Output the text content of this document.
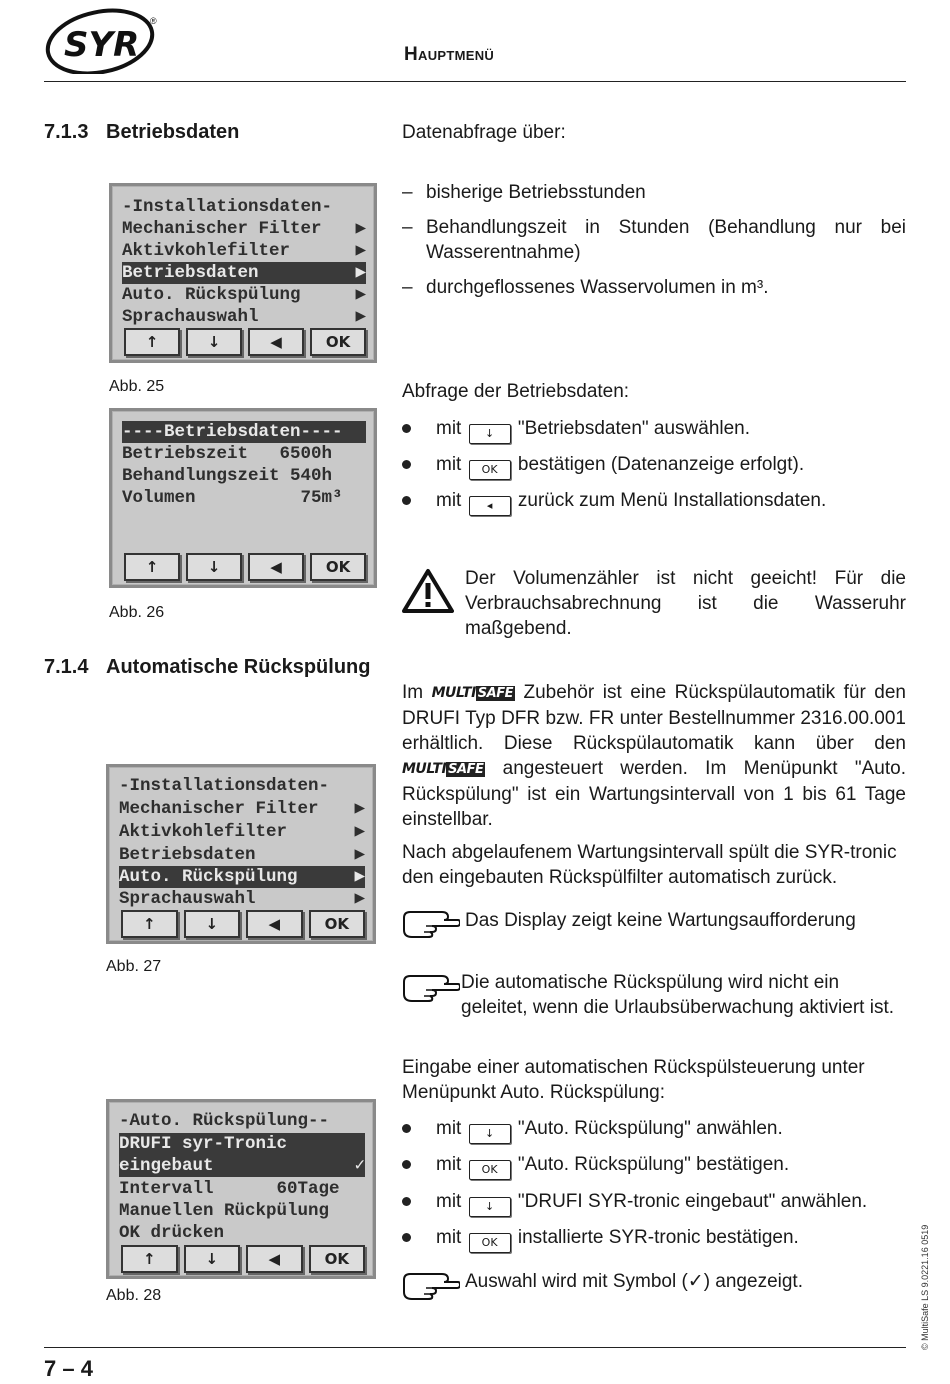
SYR
®
Hauptmenü
7.1.3 Betriebsdaten
-Installationsdaten-
Mechanischer Filter ▶
Aktivkohlefilter	▶
Betriebsdaten	▶
Auto. Rückspülung	▶
Sprachauswahl	▶
↑	↓	◀	OK
Abb. 25
----Betriebsdaten----
Betriebszeit   6500h
Behandlungszeit 540h
Volumen          75m³
↑	↓	◀	OK
Abb. 26
7.1.4 Automatische Rückspülung
-Installationsdaten-
Mechanischer Filter ▶
Aktivkohlefilter	▶
Betriebsdaten	▶
Auto. Rückspülung	▶
Sprachauswahl	▶
↑	↓	◀	OK
Abb. 27
-Auto. Rückspülung--
DRUFI syr-Tronic
eingebaut	✓
Intervall      60Tage
Manuellen Rückpülung
OK drücken
↑	↓	◀	OK
Abb. 28
Datenabfrage über:
– bisherige Betriebsstunden
– Behandlungszeit in Stunden (Behandlung nur bei Wasserentnahme)
– durchgeflossenes Wasservolumen in m³.
Abfrage der Betriebsdaten:
mit ↓ "Betriebsdaten" auswählen.
mit OK bestätigen (Datenanzeige erfolgt).
mit ◂ zurück zum Menü Installationsdaten.
Der Volumenzähler ist nicht geeicht! Für die Verbrauchsabrechnung ist die Wasseruhr maßgebend.
Im MULTI SAFE Zubehör ist eine Rückspülautomatik für den DRUFI Typ DFR bzw. FR unter Bestellnummer 2316.00.001 erhältlich. Diese Rückspülautomatik kann über den MULTI SAFE angesteuert werden. Im Menüpunkt "Auto. Rückspülung" ist ein Wartungsintervall von 1 bis 61 Tage einstellbar.
Nach abgelaufenem Wartungsintervall spült die SYR-tronic den eingebauten Rückspülfilter automatisch zurück.
Das Display zeigt keine Wartungsaufforderung
Die automatische Rückspülung wird nicht ein geleitet, wenn die Urlaubsüberwachung aktiviert ist.
Eingabe einer automatischen Rückspülsteuerung unter Menüpunkt Auto. Rückspülung:
mit ↓ "Auto. Rückspülung" anwählen.
mit OK "Auto. Rückspülung" bestätigen.
mit ↓ "DRUFI SYR-tronic eingebaut" anwählen.
mit OK installierte SYR-tronic bestätigen.
Auswahl wird mit Symbol (✓) angezeigt.	© MultiSafe LS 9.0221.16 0519
7 – 4
